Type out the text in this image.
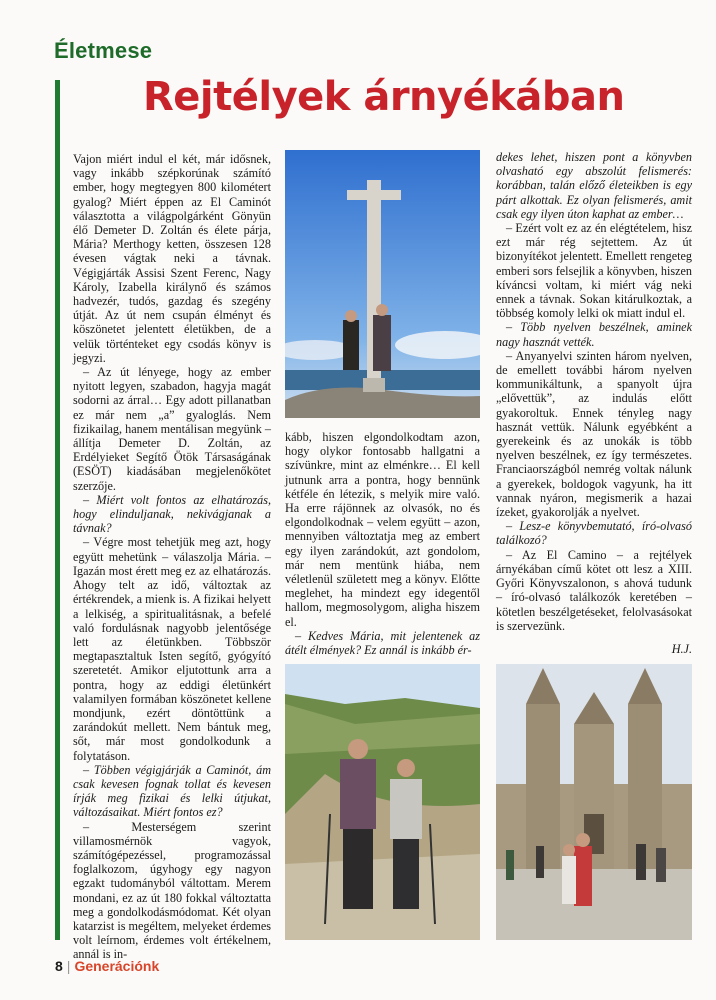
Életmese
Rejtélyek árnyékában

Vajon miért indul el két, már idősnek, vagy inkább szépkorúnak számító ember, hogy megtegyen 800 kilométert gyalog? Miért éppen az El Caminót választotta a világpolgárként Gönyün élő Demeter D. Zoltán és élete párja, Mária? Merthogy ketten, összesen 128 évesen vágtak neki a távnak. Végigjárták Assisi Szent Ferenc, Nagy Károly, Izabella királynő és számos hadvezér, tudós, gazdag és szegény útját. Az út nem csupán élményt és köszönetet jelentett életükben, de a velük történteket egy csodás könyv is jegyzi.

– Az út lényege, hogy az ember nyitott legyen, szabadon, hagyja magát sodorni az árral… Egy adott pillanatban ez már nem „a” gyaloglás. Nem fizikailag, hanem mentálisan megyünk – állítja Demeter D. Zoltán, az Erdélyieket Segítő Ötök Társaságának (ESÖT) kiadásában megjelenőkötet szerzője.

– Miért volt fontos az elhatározás, hogy elinduljanak, nekivágjanak a távnak?

– Végre most tehetjük meg azt, hogy együtt mehetünk – válaszolja Mária. – Igazán most érett meg ez az elhatározás. Ahogy telt az idő, változtak az értékrendek, a mienk is. A fizikai helyett a lelkiség, a spiritualitásnak, a befelé való fordulásnak nagyobb jelentősége lett az életünkben. Többször megtapasztaltuk Isten segítő, gyógyító szeretetét. Amikor eljutottunk arra a pontra, hogy az eddigi életünkért valamilyen formában köszönetet kellene mondjunk, ezért döntöttünk a zarándokút mellett. Nem bántuk meg, sőt, már most gondolkodunk a folytatáson.

– Többen végigjárják a Caminót, ám csak kevesen fognak tollat és kevesen írják meg fizikai és lelki útjukat, változásaikat. Miért fontos ez?

– Mesterségem szerint villamosmérnök vagyok, számítógépezéssel, programozással foglalkozom, úgyhogy egy nagyon egzakt tudományból váltottam. Merem mondani, ez az út 180 fokkal változtatta meg a gondolkodásmódomat. Két olyan katarzist is megéltem, melyeket érdemes volt leírnom, érdemes volt értékelnem, annál is in-

kább, hiszen elgondolkodtam azon, hogy olykor fontosabb hallgatni a szívünkre, mint az elménkre… El kell jutnunk arra a pontra, hogy bennünk kétféle én létezik, s melyik mire való. Ha erre rájönnek az olvasók, no és elgondolkodnak – velem együtt – azon, mennyiben változtatja meg az embert egy ilyen zarándokút, azt gondolom, már nem mentünk hiába, nem véletlenül született meg a könyv. Előtte meglehet, ha mindezt egy idegentől hallom, megmosolygom, aligha hiszem el.

– Kedves Mária, mit jelentenek az átélt élmények? Ez annál is inkább ér-

dekes lehet, hiszen pont a könyvben olvasható egy abszolút felismerés: korábban, talán előző életeikben is egy párt alkottak. Ez olyan felismerés, amit csak egy ilyen úton kaphat az ember…

– Ezért volt ez az én elégtételem, hisz ezt már rég sejtettem. Az út bizonyítékot jelentett. Emellett rengeteg emberi sors felsejlik a könyvben, hiszen kíváncsi voltam, ki miért vág neki ennek a távnak. Sokan kitárulkoztak, a többség komoly lelki ok miatt indul el.

– Több nyelven beszélnek, aminek nagy hasznát vették.

– Anyanyelvi szinten három nyelven, de emellett további három nyelven kommunikáltunk, a spanyolt újra „elővettük”, az indulás előtt gyakoroltuk. Ennek tényleg nagy hasznát vettük. Nálunk egyébként a gyerekeink és az unokák is több nyelven beszélnek, ez így természetes. Franciaországból nemrég voltak nálunk a gyerekek, boldogok vagyunk, ha itt vannak nyáron, megismerik a hazai ízeket, gyakorolják a nyelvet.

– Lesz-e könyvbemutató, író-olvasó találkozó?

– Az El Camino – a rejtélyek árnyékában című kötet ott lesz a XIII. Győri Könyvszalonon, s ahová tudunk – író-olvasó találkozók keretében – kötetlen beszélgetéseket, felolvasásokat is szervezünk.

H.J.
8 | Generációnk
